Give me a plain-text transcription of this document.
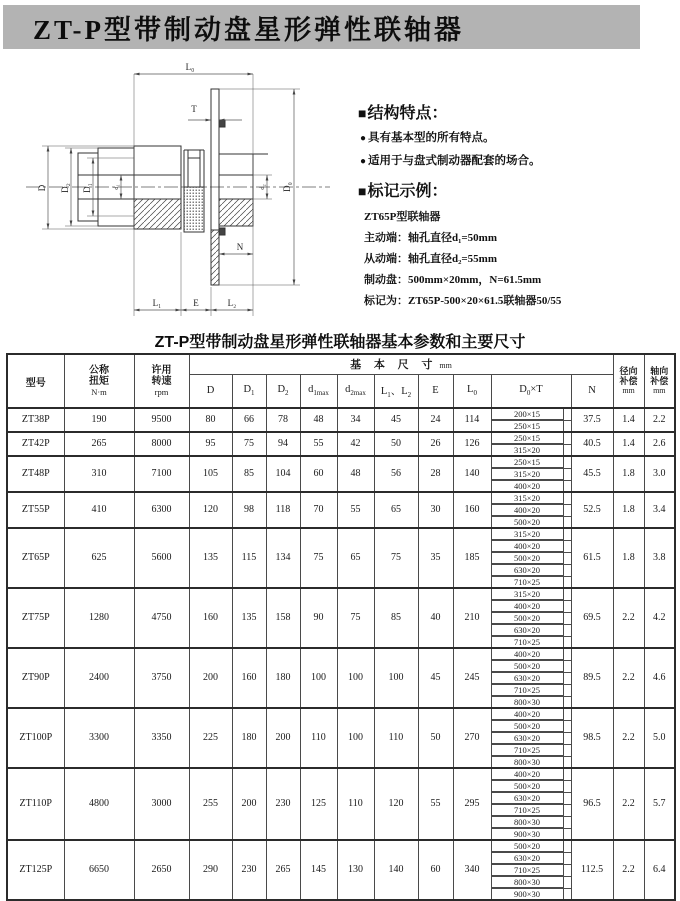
ZT-P型带制动盘星形弹性联轴器
L₀
T
D D₂ D₁	d₁	d₂ D₀
N
L₁	E	L₂
■结构特点：
● 具有基本型的所有特点。
● 适用于与盘式制动器配套的场合。
■标记示例：
ZT65P型联轴器
主动端：轴孔直径d₁=50mm
从动端：轴孔直径d₂=55mm
制动盘：500mm×20mm，N=61.5mm
标记为：ZT65P-500×20×61.5联轴器50/55
ZT-P型带制动盘星形弹性联轴器基本参数和主要尺寸
型号	公称
扭矩
N·m	许用
转速
rpm	基 本 尺 寸 mm										径向
补偿
mm	轴向
补偿
mm

			D	$D_1$	$D_2$	$d_{1max}$	$d_{2max}$	$L_1$、$L_2$	E	$L_0$	$D_0\times T$	N		
ZT38P	190	9500	80	66	78	48	34	45	24	114	200×15	37.5	1.4	2.2

											250×15			

ZT42P	265	8000	95	75	94	55	42	50	26	126	250×15	40.5	1.4	2.6

											315×20			

ZT48P	310	7100	105	85	104	60	48	56	28	140	250×15	45.5	1.8	3.0

											315×20			

											400×20			

ZT55P	410	6300	120	98	118	70	55	65	30	160	315×20	52.5	1.8	3.4

											400×20			

											500×20			

ZT65P	625	5600	135	115	134	75	65	75	35	185	315×20	61.5	1.8	3.8

											400×20			

											500×20			

											630×20			

											710×25			

ZT75P	1280	4750	160	135	158	90	75	85	40	210	315×20	69.5	2.2	4.2

											400×20			

											500×20			

											630×20			

											710×25			

ZT90P	2400	3750	200	160	180	100	100	100	45	245	400×20	89.5	2.2	4.6

											500×20			

											630×20			

											710×25			

											800×30			

ZT100P	3300	3350	225	180	200	110	100	110	50	270	400×20	98.5	2.2	5.0

											500×20			

											630×20			

											710×25			

											800×30			

ZT110P	4800	3000	255	200	230	125	110	120	55	295	400×20	96.5	2.2	5.7

											500×20			

											630×20			

											710×25			

											800×30			

											900×30			

ZT125P	6650	2650	290	230	265	145	130	140	60	340	500×20	112.5	2.2	6.4

											630×20			

											710×25			

											800×30			

											900×30			
